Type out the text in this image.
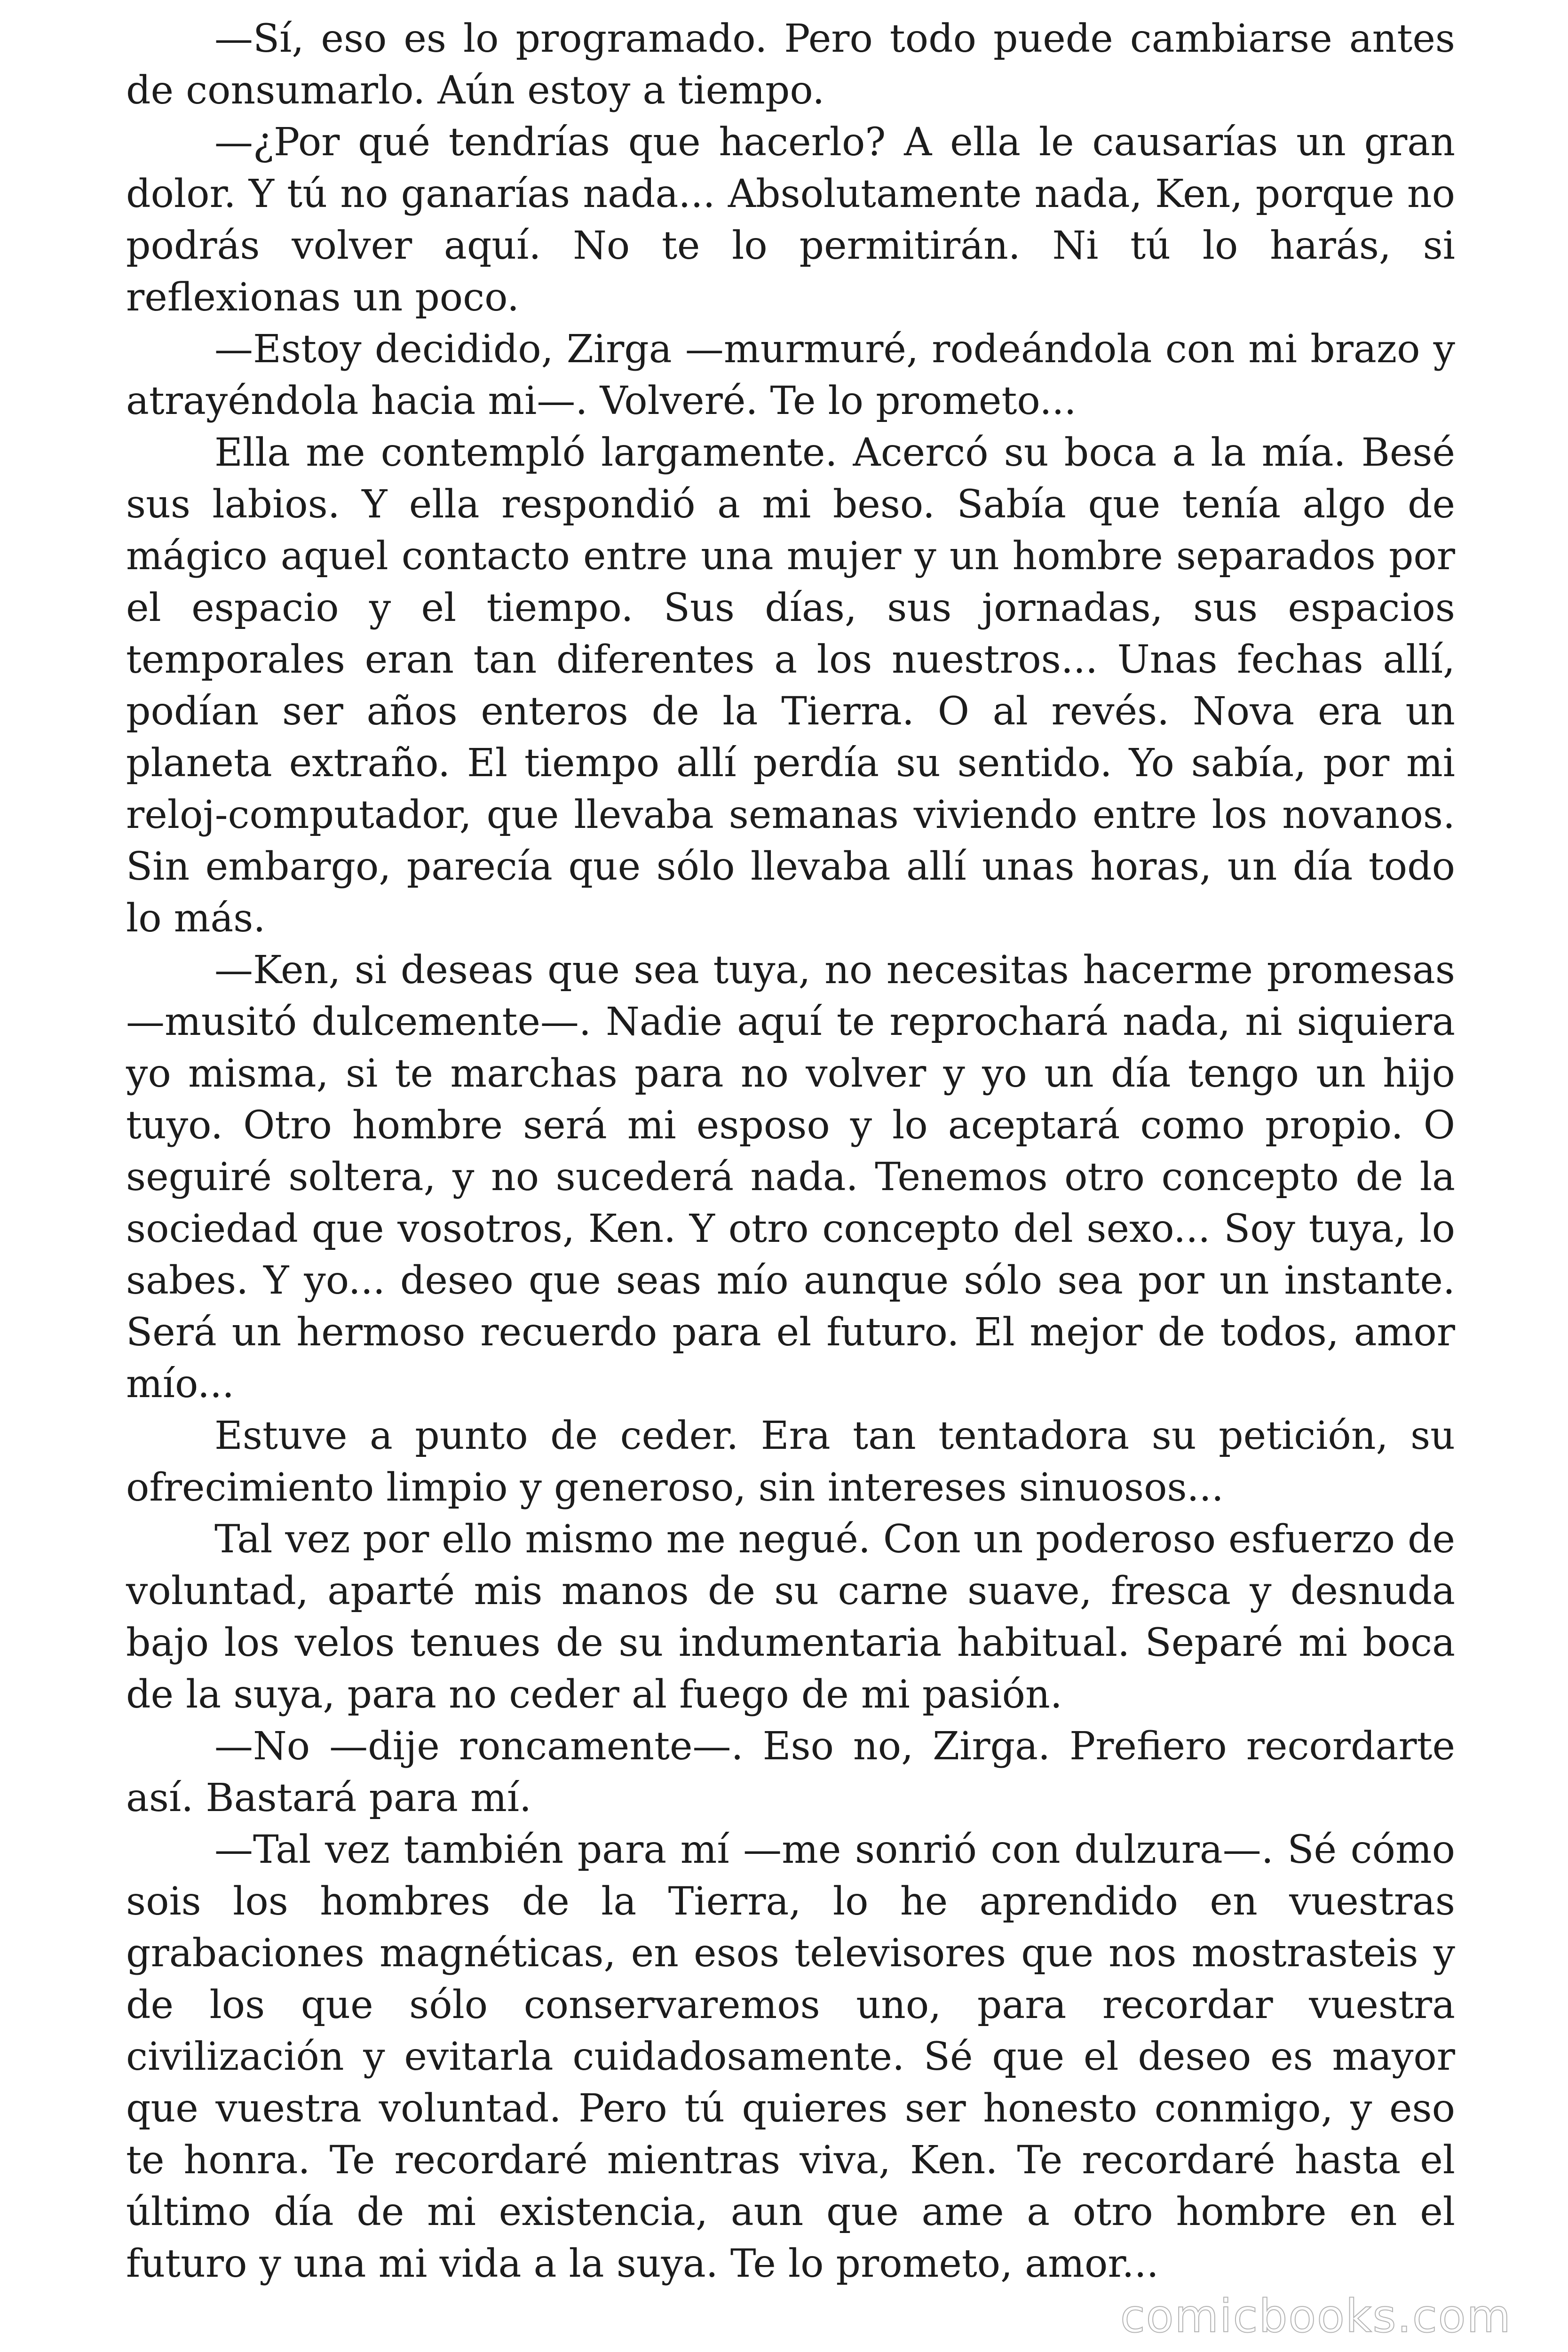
—Sí, eso es lo programado. Pero todo puede cambiarse antes de consumarlo. Aún estoy a tiempo.

—¿Por qué tendrías que hacerlo? A ella le causarías un gran dolor. Y tú no ganarías nada... Absolutamente nada, Ken, porque no podrás volver aquí. No te lo permitirán. Ni tú lo harás, si reflexionas un poco.

—Estoy decidido, Zirga —murmuré, rodeándola con mi brazo y atrayéndola hacia mi—. Volveré. Te lo prometo...

Ella me contempló largamente. Acercó su boca a la mía. Besé sus labios. Y ella respondió a mi beso. Sabía que tenía algo de mágico aquel contacto entre una mujer y un hombre separados por el espacio y el tiempo. Sus días, sus jornadas, sus espacios temporales eran tan diferentes a los nuestros... Unas fechas allí, podían ser años enteros de la Tierra. O al revés. Nova era un planeta extraño. El tiempo allí perdía su sentido. Yo sabía, por mi reloj-computador, que llevaba semanas viviendo entre los novanos. Sin embargo, parecía que sólo llevaba allí unas horas, un día todo lo más.

—Ken, si deseas que sea tuya, no necesitas hacerme promesas —musitó dulcemente—. Nadie aquí te reprochará nada, ni siquiera yo misma, si te marchas para no volver y yo un día tengo un hijo tuyo. Otro hombre será mi esposo y lo aceptará como propio. O seguiré soltera, y no sucederá nada. Tenemos otro concepto de la sociedad que vosotros, Ken. Y otro concepto del sexo... Soy tuya, lo sabes. Y yo... deseo que seas mío aunque sólo sea por un instante. Será un hermoso recuerdo para el futuro. El mejor de todos, amor mío...

Estuve a punto de ceder. Era tan tentadora su petición, su ofrecimiento limpio y generoso, sin intereses sinuosos...

Tal vez por ello mismo me negué. Con un poderoso esfuerzo de voluntad, aparté mis manos de su carne suave, fresca y desnuda bajo los velos tenues de su indumentaria habitual. Separé mi boca de la suya, para no ceder al fuego de mi pasión.

—No —dije roncamente—. Eso no, Zirga. Prefiero recordarte así. Bastará para mí.

—Tal vez también para mí —me sonrió con dulzura—. Sé cómo sois los hombres de la Tierra, lo he aprendido en vuestras grabaciones magnéticas, en esos televisores que nos mostrasteis y de los que sólo conservaremos uno, para recordar vuestra civilización y evitarla cuidadosamente. Sé que el deseo es mayor que vuestra voluntad. Pero tú quieres ser honesto conmigo, y eso te honra. Te recordaré mientras viva, Ken. Te recordaré hasta el último día de mi existencia, aun que ame a otro hombre en el futuro y una mi vida a la suya. Te lo prometo, amor...

comicbooks.com
